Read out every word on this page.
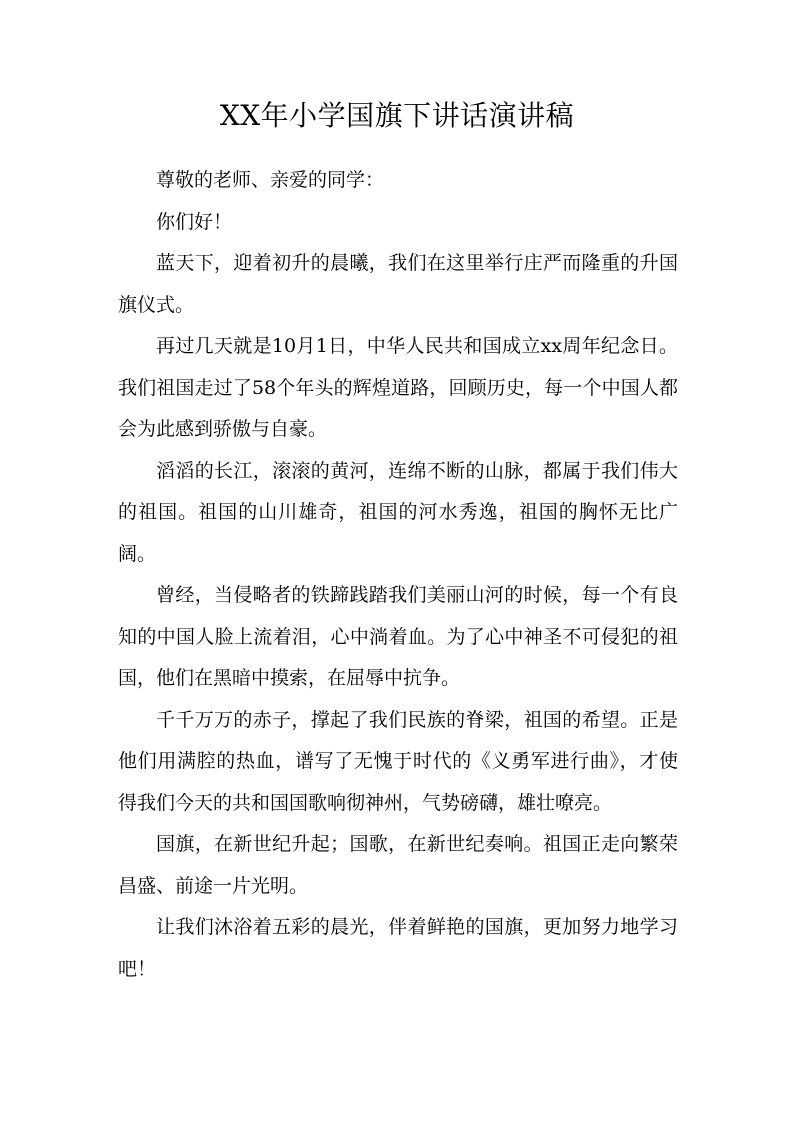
XX年小学国旗下讲话演讲稿

尊敬的老师、亲爱的同学：

你们好！

蓝天下，迎着初升的晨曦，我们在这里举行庄严而隆重的升国旗仪式。

再过几天就是10月1日，中华人民共和国成立xx周年纪念日。我们祖国走过了58个年头的辉煌道路，回顾历史，每一个中国人都会为此感到骄傲与自豪。

滔滔的长江，滚滚的黄河，连绵不断的山脉，都属于我们伟大的祖国。祖国的山川雄奇，祖国的河水秀逸，祖国的胸怀无比广阔。

曾经，当侵略者的铁蹄践踏我们美丽山河的时候，每一个有良知的中国人脸上流着泪，心中淌着血。为了心中神圣不可侵犯的祖国，他们在黑暗中摸索，在屈辱中抗争。

千千万万的赤子，撑起了我们民族的脊梁，祖国的希望。正是他们用满腔的热血，谱写了无愧于时代的《义勇军进行曲》，才使得我们今天的共和国国歌响彻神州，气势磅礴，雄壮嘹亮。

国旗，在新世纪升起；国歌，在新世纪奏响。祖国正走向繁荣昌盛、前途一片光明。

让我们沐浴着五彩的晨光，伴着鲜艳的国旗，更加努力地学习吧！
